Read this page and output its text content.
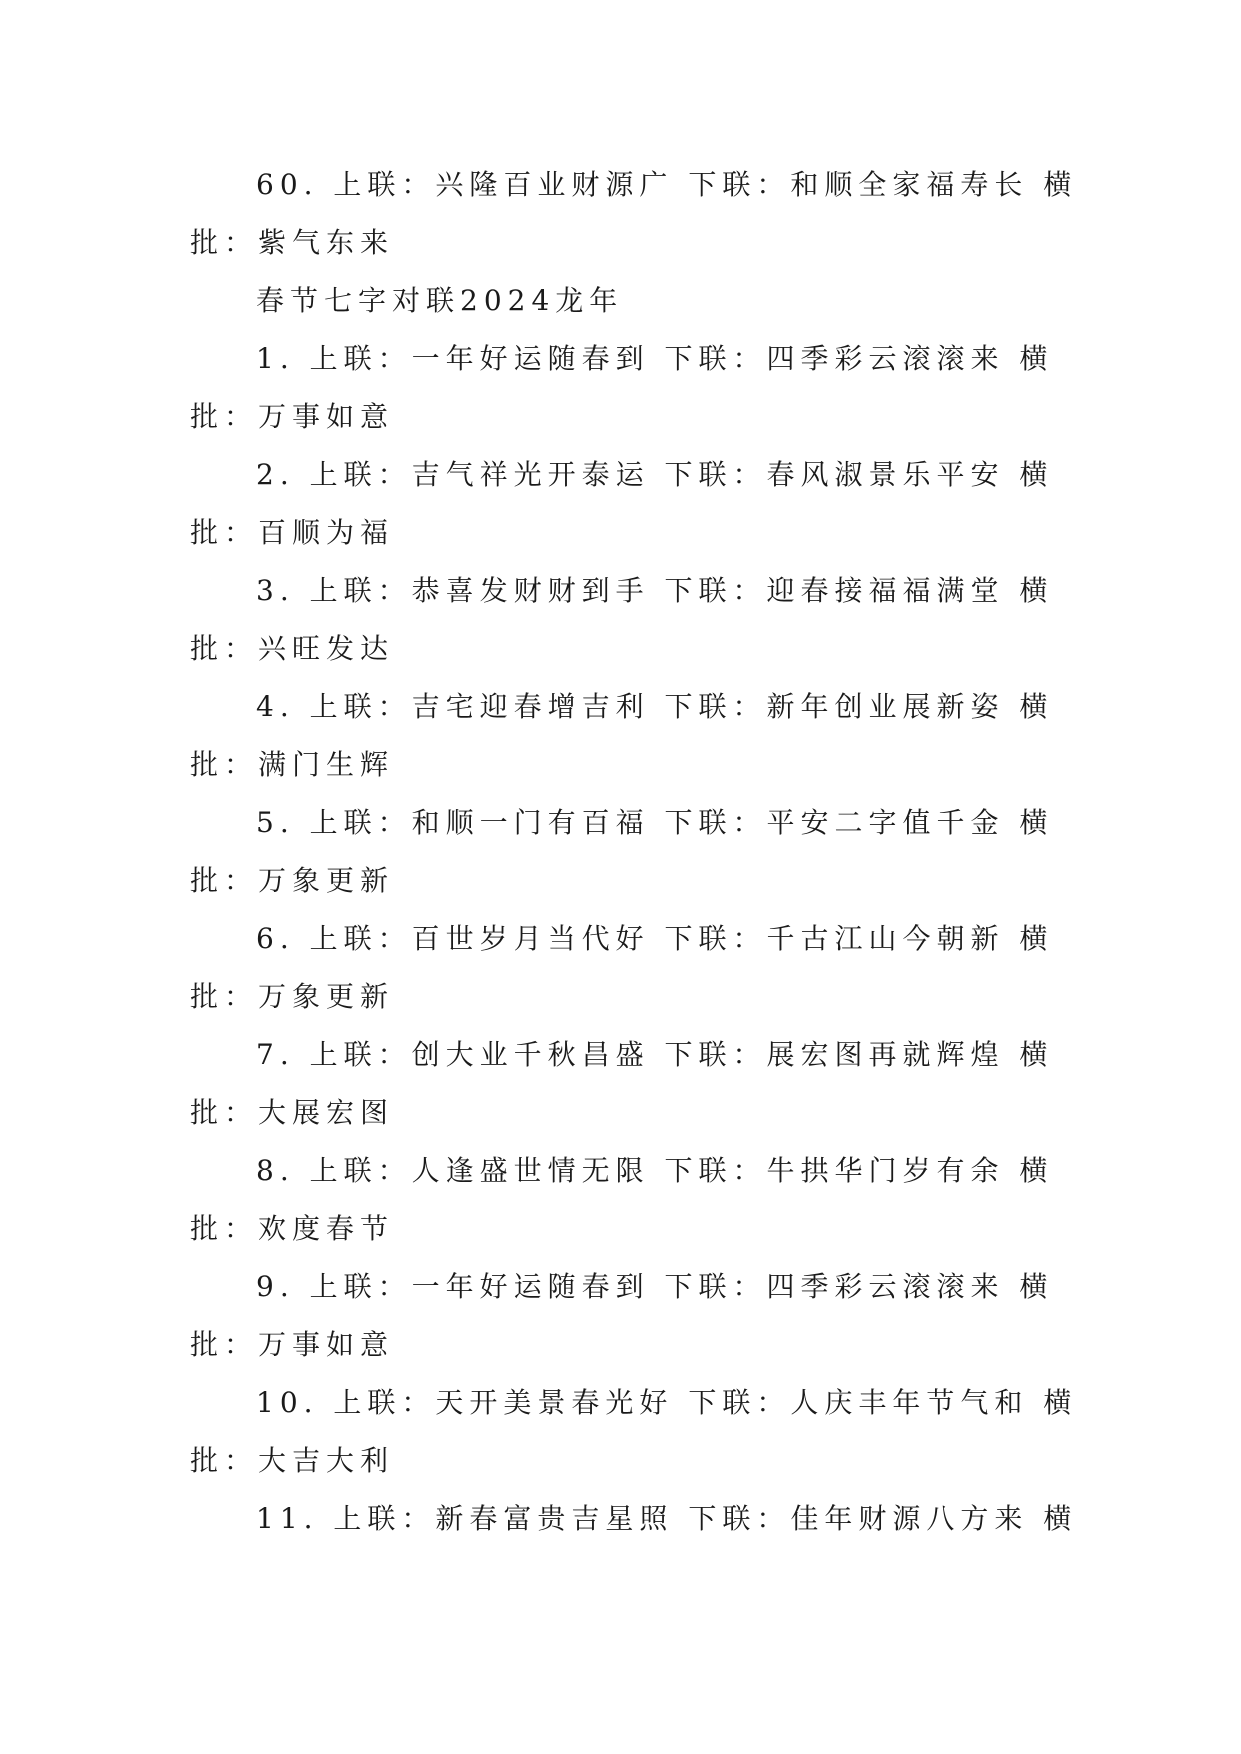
60. 上联：兴隆百业财源广 下联：和顺全家福寿长 横
批：紫气东来
春节七字对联2024龙年
1. 上联：一年好运随春到 下联：四季彩云滚滚来 横
批：万事如意
2. 上联：吉气祥光开泰运 下联：春风淑景乐平安 横
批：百顺为福
3. 上联：恭喜发财财到手 下联：迎春接福福满堂 横
批：兴旺发达
4. 上联：吉宅迎春增吉利 下联：新年创业展新姿 横
批：满门生辉
5. 上联：和顺一门有百福 下联：平安二字值千金 横
批：万象更新
6. 上联：百世岁月当代好 下联：千古江山今朝新 横
批：万象更新
7. 上联：创大业千秋昌盛 下联：展宏图再就辉煌 横
批：大展宏图
8. 上联：人逢盛世情无限 下联：牛拱华门岁有余 横
批：欢度春节
9. 上联：一年好运随春到 下联：四季彩云滚滚来 横
批：万事如意
10. 上联：天开美景春光好 下联：人庆丰年节气和 横
批：大吉大利
11. 上联：新春富贵吉星照 下联：佳年财源八方来 横
